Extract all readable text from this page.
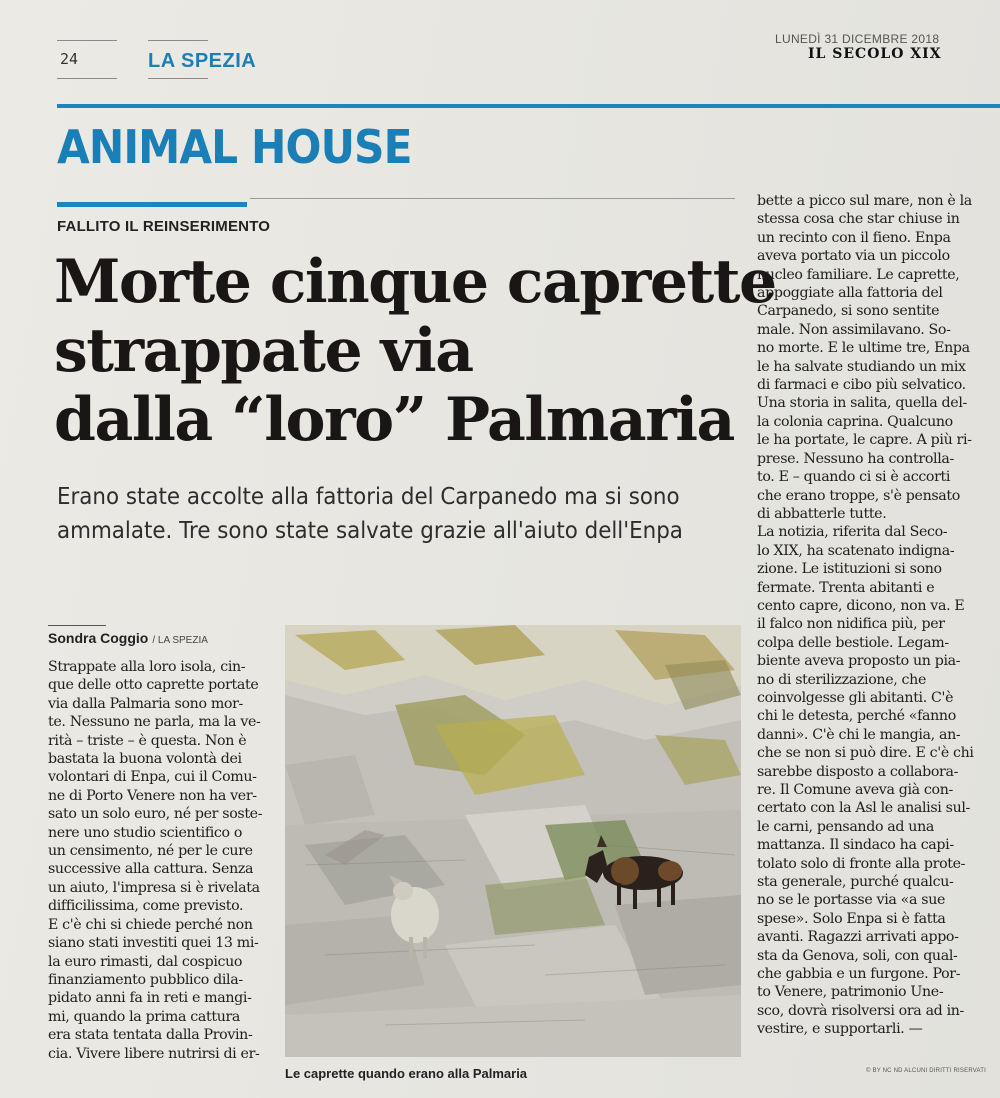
24	LA SPEZIA
LUNEDÌ 31 DICEMBRE 2018
IL SECOLO XIX
ANIMAL HOUSE
FALLITO IL REINSERIMENTO
Morte cinque caprette
strappate via
dalla “loro” Palmaria
Erano state accolte alla fattoria del Carpanedo ma si sono
ammalate. Tre sono state salvate grazie all'aiuto dell'Enpa
Sondra Coggio / LA SPEZIA
Strappate alla loro isola, cin-
que delle otto caprette portate
via dalla Palmaria sono mor-
te. Nessuno ne parla, ma la ve-
rità – triste – è questa. Non è
bastata la buona volontà dei
volontari di Enpa, cui il Comu-
ne di Porto Venere non ha ver-
sato un solo euro, né per soste-
nere uno studio scientifico o
un censimento, né per le cure
successive alla cattura. Senza
un aiuto, l'impresa si è rivelata
difficilissima, come previsto.
E c'è chi si chiede perché non
siano stati investiti quei 13 mi-
la euro rimasti, dal cospicuo
finanziamento pubblico dila-
pidato anni fa in reti e mangi-
mi, quando la prima cattura
era stata tentata dalla Provin-
cia. Vivere libere nutrirsi di er-
Le caprette quando erano alla Palmaria
bette a picco sul mare, non è la
stessa cosa che star chiuse in
un recinto con il fieno. Enpa
aveva portato via un piccolo
nucleo familiare. Le caprette,
appoggiate alla fattoria del
Carpanedo, si sono sentite
male. Non assimilavano. So-
no morte. E le ultime tre, Enpa
le ha salvate studiando un mix
di farmaci e cibo più selvatico.
Una storia in salita, quella del-
la colonia caprina. Qualcuno
le ha portate, le capre. A più ri-
prese. Nessuno ha controlla-
to. E – quando ci si è accorti
che erano troppe, s'è pensato
di abbatterle tutte.
La notizia, riferita dal Seco-
lo XIX, ha scatenato indigna-
zione. Le istituzioni si sono
fermate. Trenta abitanti e
cento capre, dicono, non va. E
il falco non nidifica più, per
colpa delle bestiole. Legam-
biente aveva proposto un pia-
no di sterilizzazione, che
coinvolgesse gli abitanti. C'è
chi le detesta, perché «fanno
danni». C'è chi le mangia, an-
che se non si può dire. E c'è chi
sarebbe disposto a collabora-
re. Il Comune aveva già con-
certato con la Asl le analisi sul-
le carni, pensando ad una
mattanza. Il sindaco ha capi-
tolato solo di fronte alla prote-
sta generale, purché qualcu-
no se le portasse via «a sue
spese». Solo Enpa si è fatta
avanti. Ragazzi arrivati appo-
sta da Genova, soli, con qual-
che gabbia e un furgone. Por-
to Venere, patrimonio Une-
sco, dovrà risolversi ora ad in-
vestire, e supportarli. —
© BY NC ND ALCUNI DIRITTI RISERVATI
